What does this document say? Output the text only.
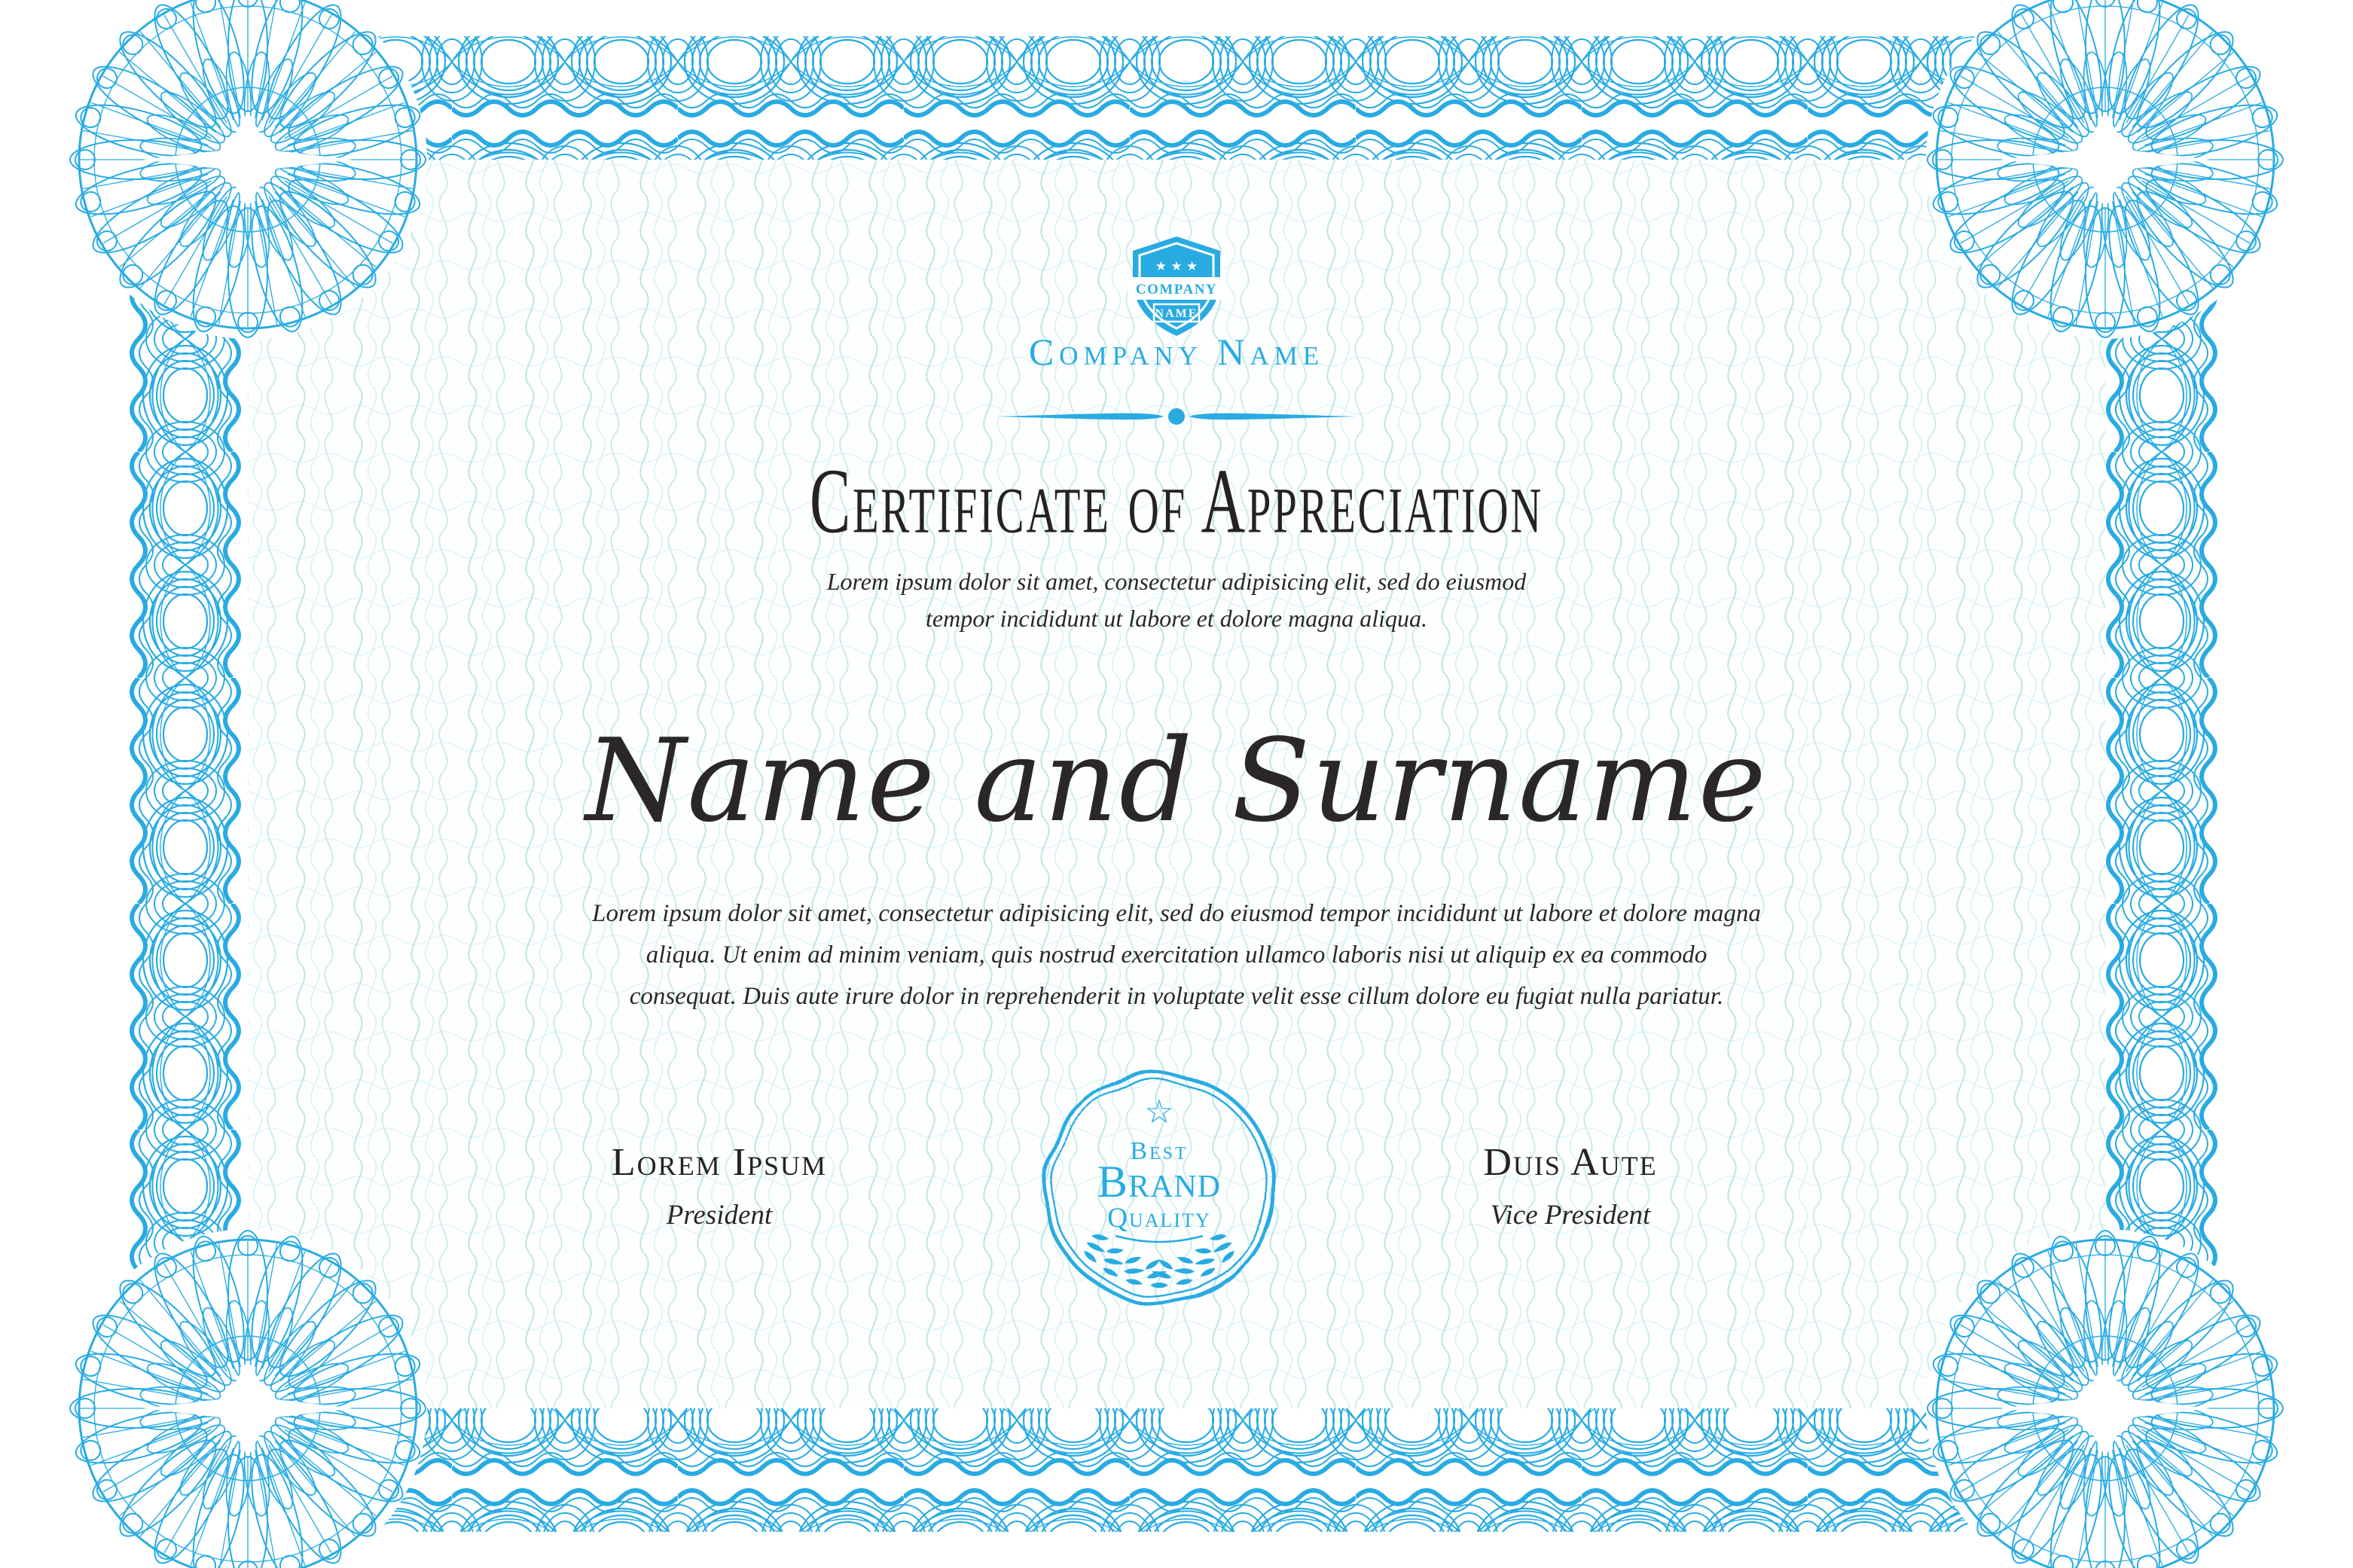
★ ★ ★
COMPANY
NAME
Company Name
Certificate of Appreciation
Lorem ipsum dolor sit amet, consectetur adipisicing elit, sed do eiusmod
tempor incididunt ut labore et dolore magna aliqua.
Name and Surname
Lorem ipsum dolor sit amet, consectetur adipisicing elit, sed do eiusmod tempor incididunt ut labore et dolore magna
aliqua. Ut enim ad minim veniam, quis nostrud exercitation ullamco laboris nisi ut aliquip ex ea commodo
consequat. Duis aute irure dolor in reprehenderit in voluptate velit esse cillum dolore eu fugiat nulla pariatur.
☆
Best
Brand
Quality
Lorem Ipsum
President
Duis Aute
Vice President
